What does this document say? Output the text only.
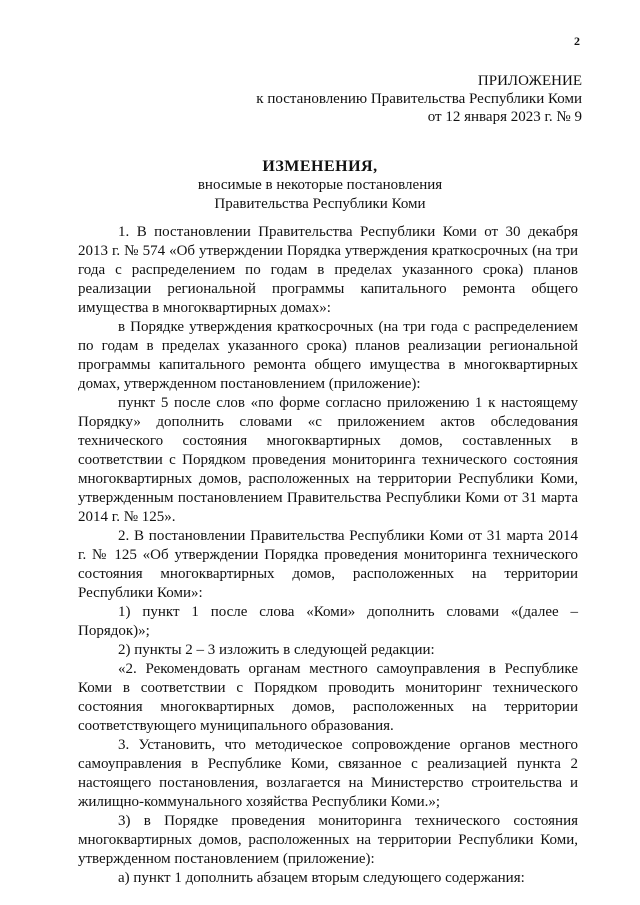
2
ПРИЛОЖЕНИЕ
к постановлению Правительства Республики Коми
от 12 января 2023 г. № 9
ИЗМЕНЕНИЯ,
вносимые в некоторые постановления
Правительства Республики Коми

1. В постановлении Правительства Республики Коми от 30 декабря 2013 г. № 574 «Об утверждении Порядка утверждения краткосрочных (на три года с распределением по годам в пределах указанного срока) планов реализации региональной программы капитального ремонта общего имущества в многоквартирных домах»:

в Порядке утверждения краткосрочных (на три года с распределением по годам в пределах указанного срока) планов реализации региональной программы капитального ремонта общего имущества в многоквартирных домах, утвержденном постановлением (приложение):

пункт 5 после слов «по форме согласно приложению 1 к настоящему Порядку» дополнить словами «с приложением актов обследования технического состояния многоквартирных домов, составленных в соответствии с Порядком проведения мониторинга технического состояния многоквартирных домов, расположенных на территории Республики Коми, утвержденным постановлением Правительства Республики Коми от 31 марта 2014 г. № 125».

2. В постановлении Правительства Республики Коми от 31 марта 2014 г. № 125 «Об утверждении Порядка проведения мониторинга технического состояния многоквартирных домов, расположенных на территории Республики Коми»:

1) пункт 1 после слова «Коми» дополнить словами «(далее – Порядок)»;

2) пункты 2 – 3 изложить в следующей редакции:

«2. Рекомендовать органам местного самоуправления в Республике Коми в соответствии с Порядком проводить мониторинг технического состояния многоквартирных домов, расположенных на территории соответствующего муниципального образования.

3. Установить, что методическое сопровождение органов местного самоуправления в Республике Коми, связанное с реализацией пункта 2 настоящего постановления, возлагается на Министерство строительства и жилищно-коммунального хозяйства Республики Коми.»;

3) в Порядке проведения мониторинга технического состояния многоквартирных домов, расположенных на территории Республики Коми, утвержденном постановлением (приложение):

а) пункт 1 дополнить абзацем вторым следующего содержания:
